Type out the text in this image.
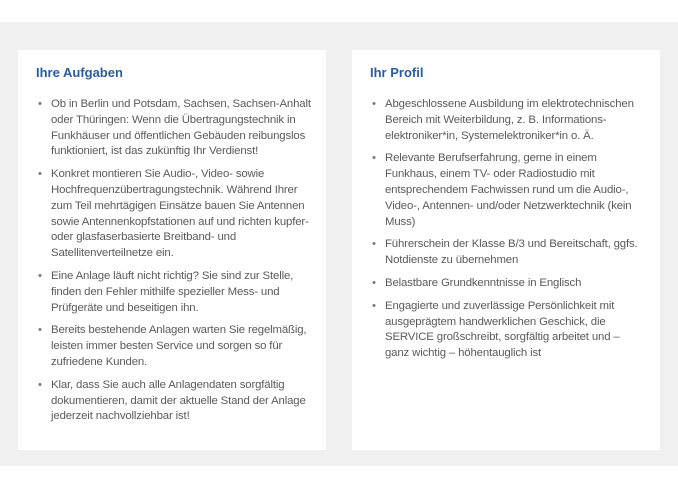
Ihre Aufgaben
• Ob in Berlin und Potsdam, Sachsen, Sachsen-Anhalt oder Thüringen: Wenn die Übertragungstechnik in Funkhäuser und öffentlichen Gebäuden reibungslos funktioniert, ist das zukünftig Ihr Verdienst!
• Konkret montieren Sie Audio-, Video- sowie Hochfrequenzübertragungstechnik. Während Ihrer zum Teil mehrtägigen Einsätze bauen Sie Antennen sowie Antennenkopfstationen auf und richten kupfer- oder glasfaserbasierte Breitband- und Satellitenverteilnetze ein.
• Eine Anlage läuft nicht richtig? Sie sind zur Stelle, finden den Fehler mithilfe spezieller Mess- und Prüfgeräte und beseitigen ihn.
• Bereits bestehende Anlagen warten Sie regelmäßig, leisten immer besten Service und sorgen so für zufriedene Kunden.
• Klar, dass Sie auch alle Anlagendaten sorgfältig dokumentieren, damit der aktuelle Stand der Anlage jederzeit nachvollziehbar ist!
Ihr Profil
• Abgeschlossene Ausbildung im elektrotechnischen Bereich mit Weiterbildung, z. B. Informations-elektroniker*in, Systemelektroniker*in o. Ä.
• Relevante Berufserfahrung, gerne in einem Funkhaus, einem TV- oder Radiostudio mit entsprechendem Fachwissen rund um die Audio-, Video-, Antennen- und/oder Netzwerktechnik (kein Muss)
• Führerschein der Klasse B/3 und Bereitschaft, ggfs. Notdienste zu übernehmen
• Belastbare Grundkenntnisse in Englisch
• Engagierte und zuverlässige Persönlichkeit mit ausgeprägtem handwerklichen Geschick, die SERVICE großschreibt, sorgfältig arbeitet und – ganz wichtig – höhentauglich ist
